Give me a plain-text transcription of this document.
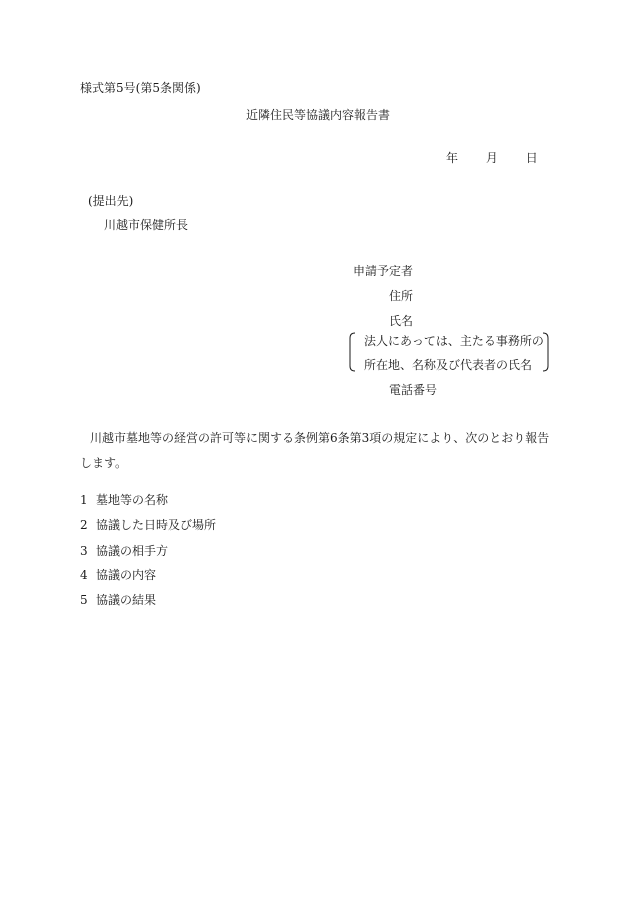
様式第5号(第5条関係)
近隣住民等協議内容報告書
年 月 日
(提出先)
川越市保健所長
申請予定者
住所
氏名
法人にあっては、主たる事務所の
所在地、名称及び代表者の氏名
電話番号
川越市墓地等の経営の許可等に関する条例第6条第3項の規定により、次のとおり報告します。
1 墓地等の名称
2 協議した日時及び場所
3 協議の相手方
4 協議の内容
5 協議の結果
